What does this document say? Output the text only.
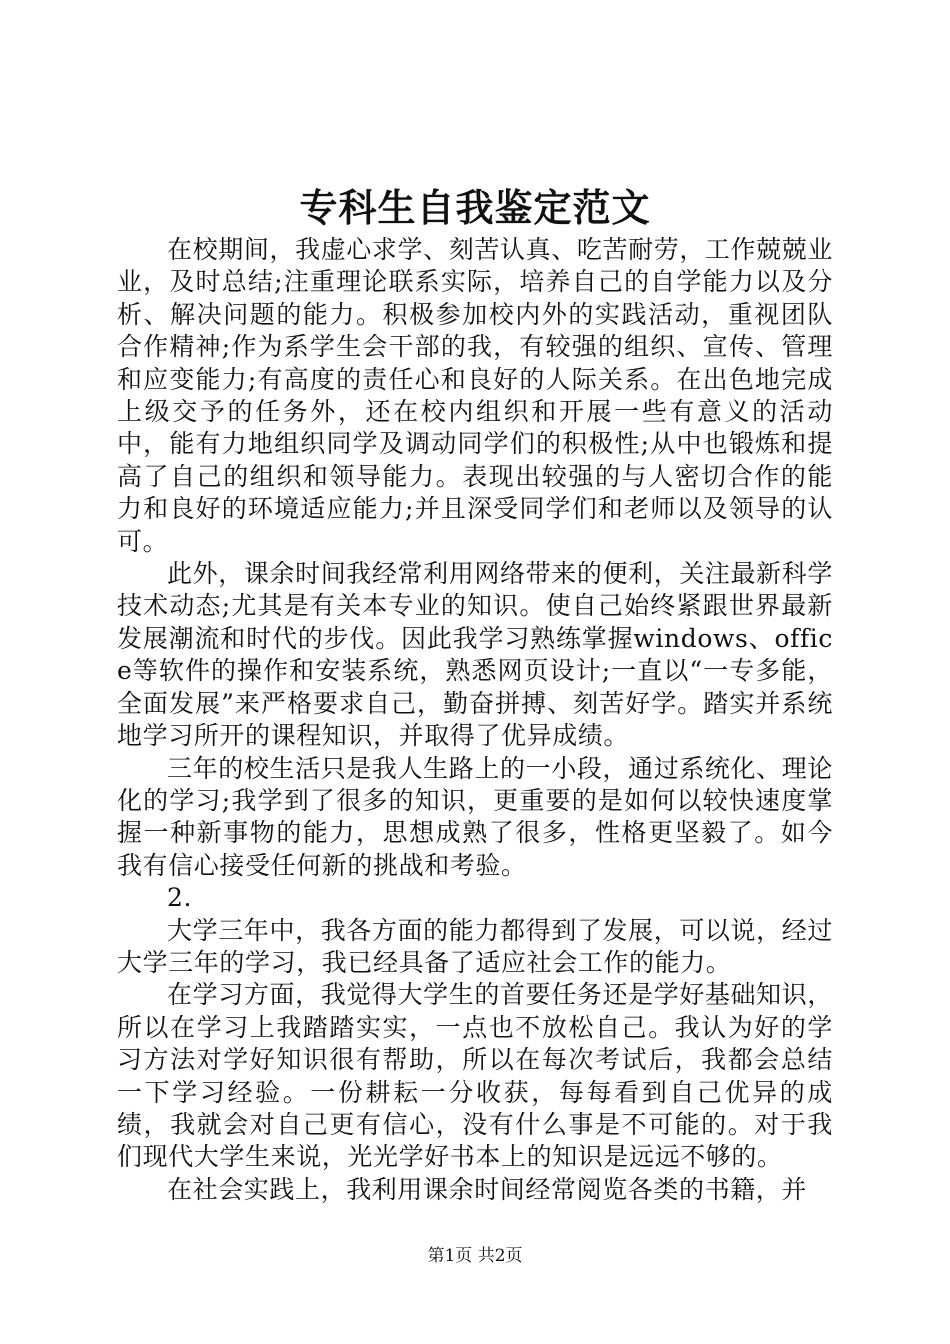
专科生自我鉴定范文

在校期间，我虚心求学、刻苦认真、吃苦耐劳，工作兢兢业业，及时总结;注重理论联系实际，培养自己的自学能力以及分析、解决问题的能力。积极参加校内外的实践活动，重视团队合作精神;作为系学生会干部的我，有较强的组织、宣传、管理和应变能力;有高度的责任心和良好的人际关系。在出色地完成上级交予的任务外，还在校内组织和开展一些有意义的活动中，能有力地组织同学及调动同学们的积极性;从中也锻炼和提高了自己的组织和领导能力。表现出较强的与人密切合作的能力和良好的环境适应能力;并且深受同学们和老师以及领导的认可。

此外，课余时间我经常利用网络带来的便利，关注最新科学技术动态;尤其是有关本专业的知识。使自己始终紧跟世界最新发展潮流和时代的步伐。因此我学习熟练掌握windows、office等软件的操作和安装系统，熟悉网页设计;一直以“一专多能，全面发展”来严格要求自己，勤奋拼搏、刻苦好学。踏实并系统地学习所开的课程知识，并取得了优异成绩。

三年的校生活只是我人生路上的一小段，通过系统化、理论化的学习;我学到了很多的知识，更重要的是如何以较快速度掌握一种新事物的能力，思想成熟了很多，性格更坚毅了。如今我有信心接受任何新的挑战和考验。

2.

大学三年中，我各方面的能力都得到了发展，可以说，经过大学三年的学习，我已经具备了适应社会工作的能力。

在学习方面，我觉得大学生的首要任务还是学好基础知识，所以在学习上我踏踏实实，一点也不放松自己。我认为好的学习方法对学好知识很有帮助，所以在每次考试后，我都会总结一下学习经验。一份耕耘一分收获，每每看到自己优异的成绩，我就会对自己更有信心，没有什么事是不可能的。对于我们现代大学生来说，光光学好书本上的知识是远远不够的。

在社会实践上，我利用课余时间经常阅览各类的书籍，并

第1页 共2页
